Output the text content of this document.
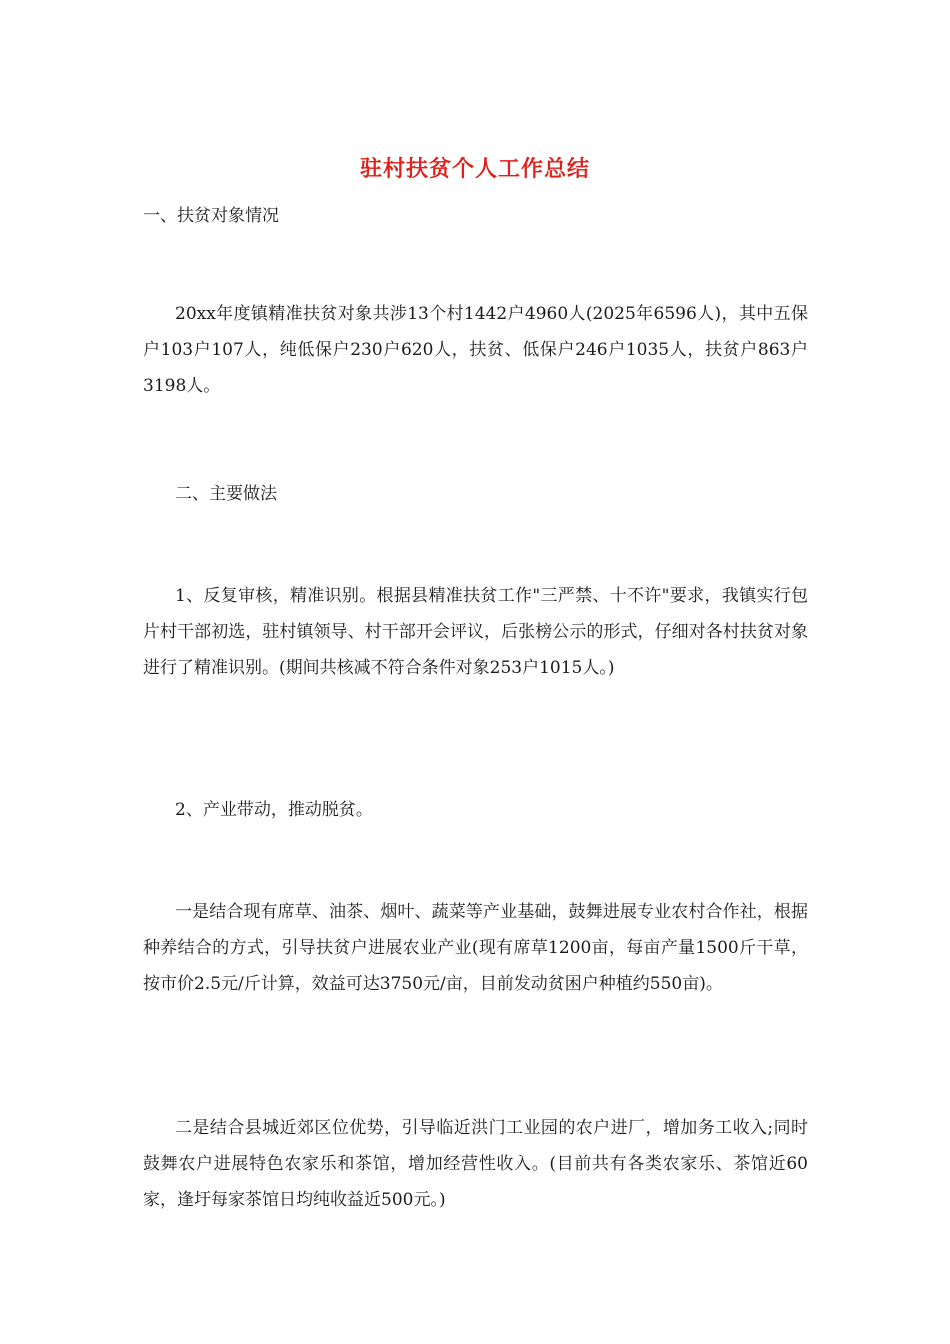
驻村扶贫个人工作总结

一、扶贫对象情况

20xx年度镇精准扶贫对象共涉13个村1442户4960人(2025年6596人)，其中五保户103户107人，纯低保户230户620人，扶贫、低保户246户1035人，扶贫户863户3198人。

二、主要做法

1、反复审核，精准识别。根据县精准扶贫工作"三严禁、十不许"要求，我镇实行包片村干部初选，驻村镇领导、村干部开会评议，后张榜公示的形式，仔细对各村扶贫对象进行了精准识别。(期间共核减不符合条件对象253户1015人。)

2、产业带动，推动脱贫。

一是结合现有席草、油茶、烟叶、蔬菜等产业基础，鼓舞进展专业农村合作社，根据种养结合的方式，引导扶贫户进展农业产业(现有席草1200亩，每亩产量1500斤干草，按市价2.5元/斤计算，效益可达3750元/亩，目前发动贫困户种植约550亩)。

二是结合县城近郊区位优势，引导临近洪门工业园的农户进厂，增加务工收入;同时鼓舞农户进展特色农家乐和茶馆，增加经营性收入。(目前共有各类农家乐、茶馆近60家，逢圩每家茶馆日均纯收益近500元。)
